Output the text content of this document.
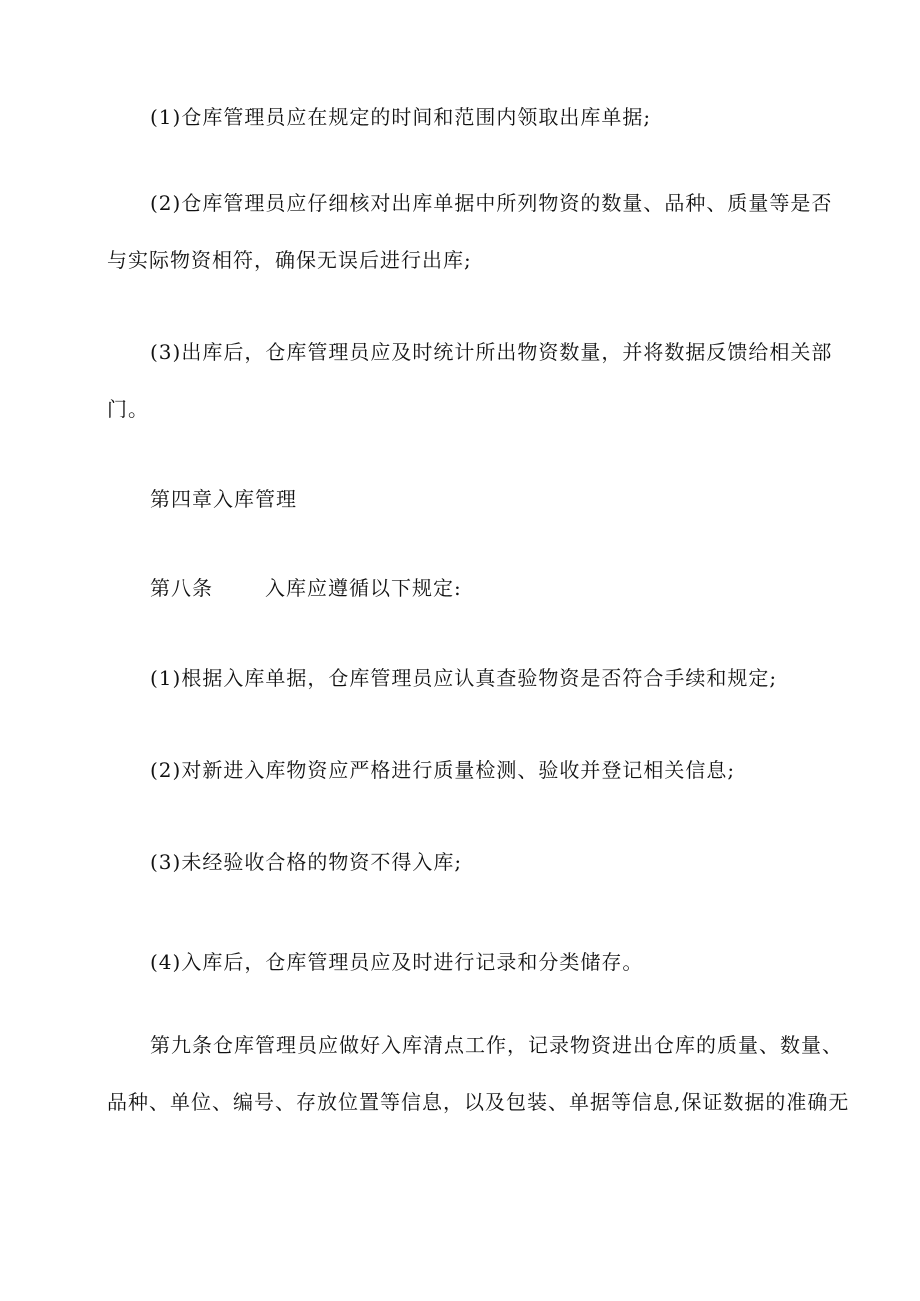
(1)仓库管理员应在规定的时间和范围内领取出库单据;
(2)仓库管理员应仔细核对出库单据中所列物资的数量、品种、质量等是否
与实际物资相符，确保无误后进行出库;
(3)出库后，仓库管理员应及时统计所出物资数量，并将数据反馈给相关部
门。
第四章入库管理
第八条	入库应遵循以下规定:
(1)根据入库单据，仓库管理员应认真查验物资是否符合手续和规定;
(2)对新进入库物资应严格进行质量检测、验收并登记相关信息;
(3)未经验收合格的物资不得入库;
(4)入库后，仓库管理员应及时进行记录和分类储存。
第九条仓库管理员应做好入库清点工作，记录物资进出仓库的质量、数量、
品种、单位、编号、存放位置等信息，以及包装、单据等信息,保证数据的准确无
